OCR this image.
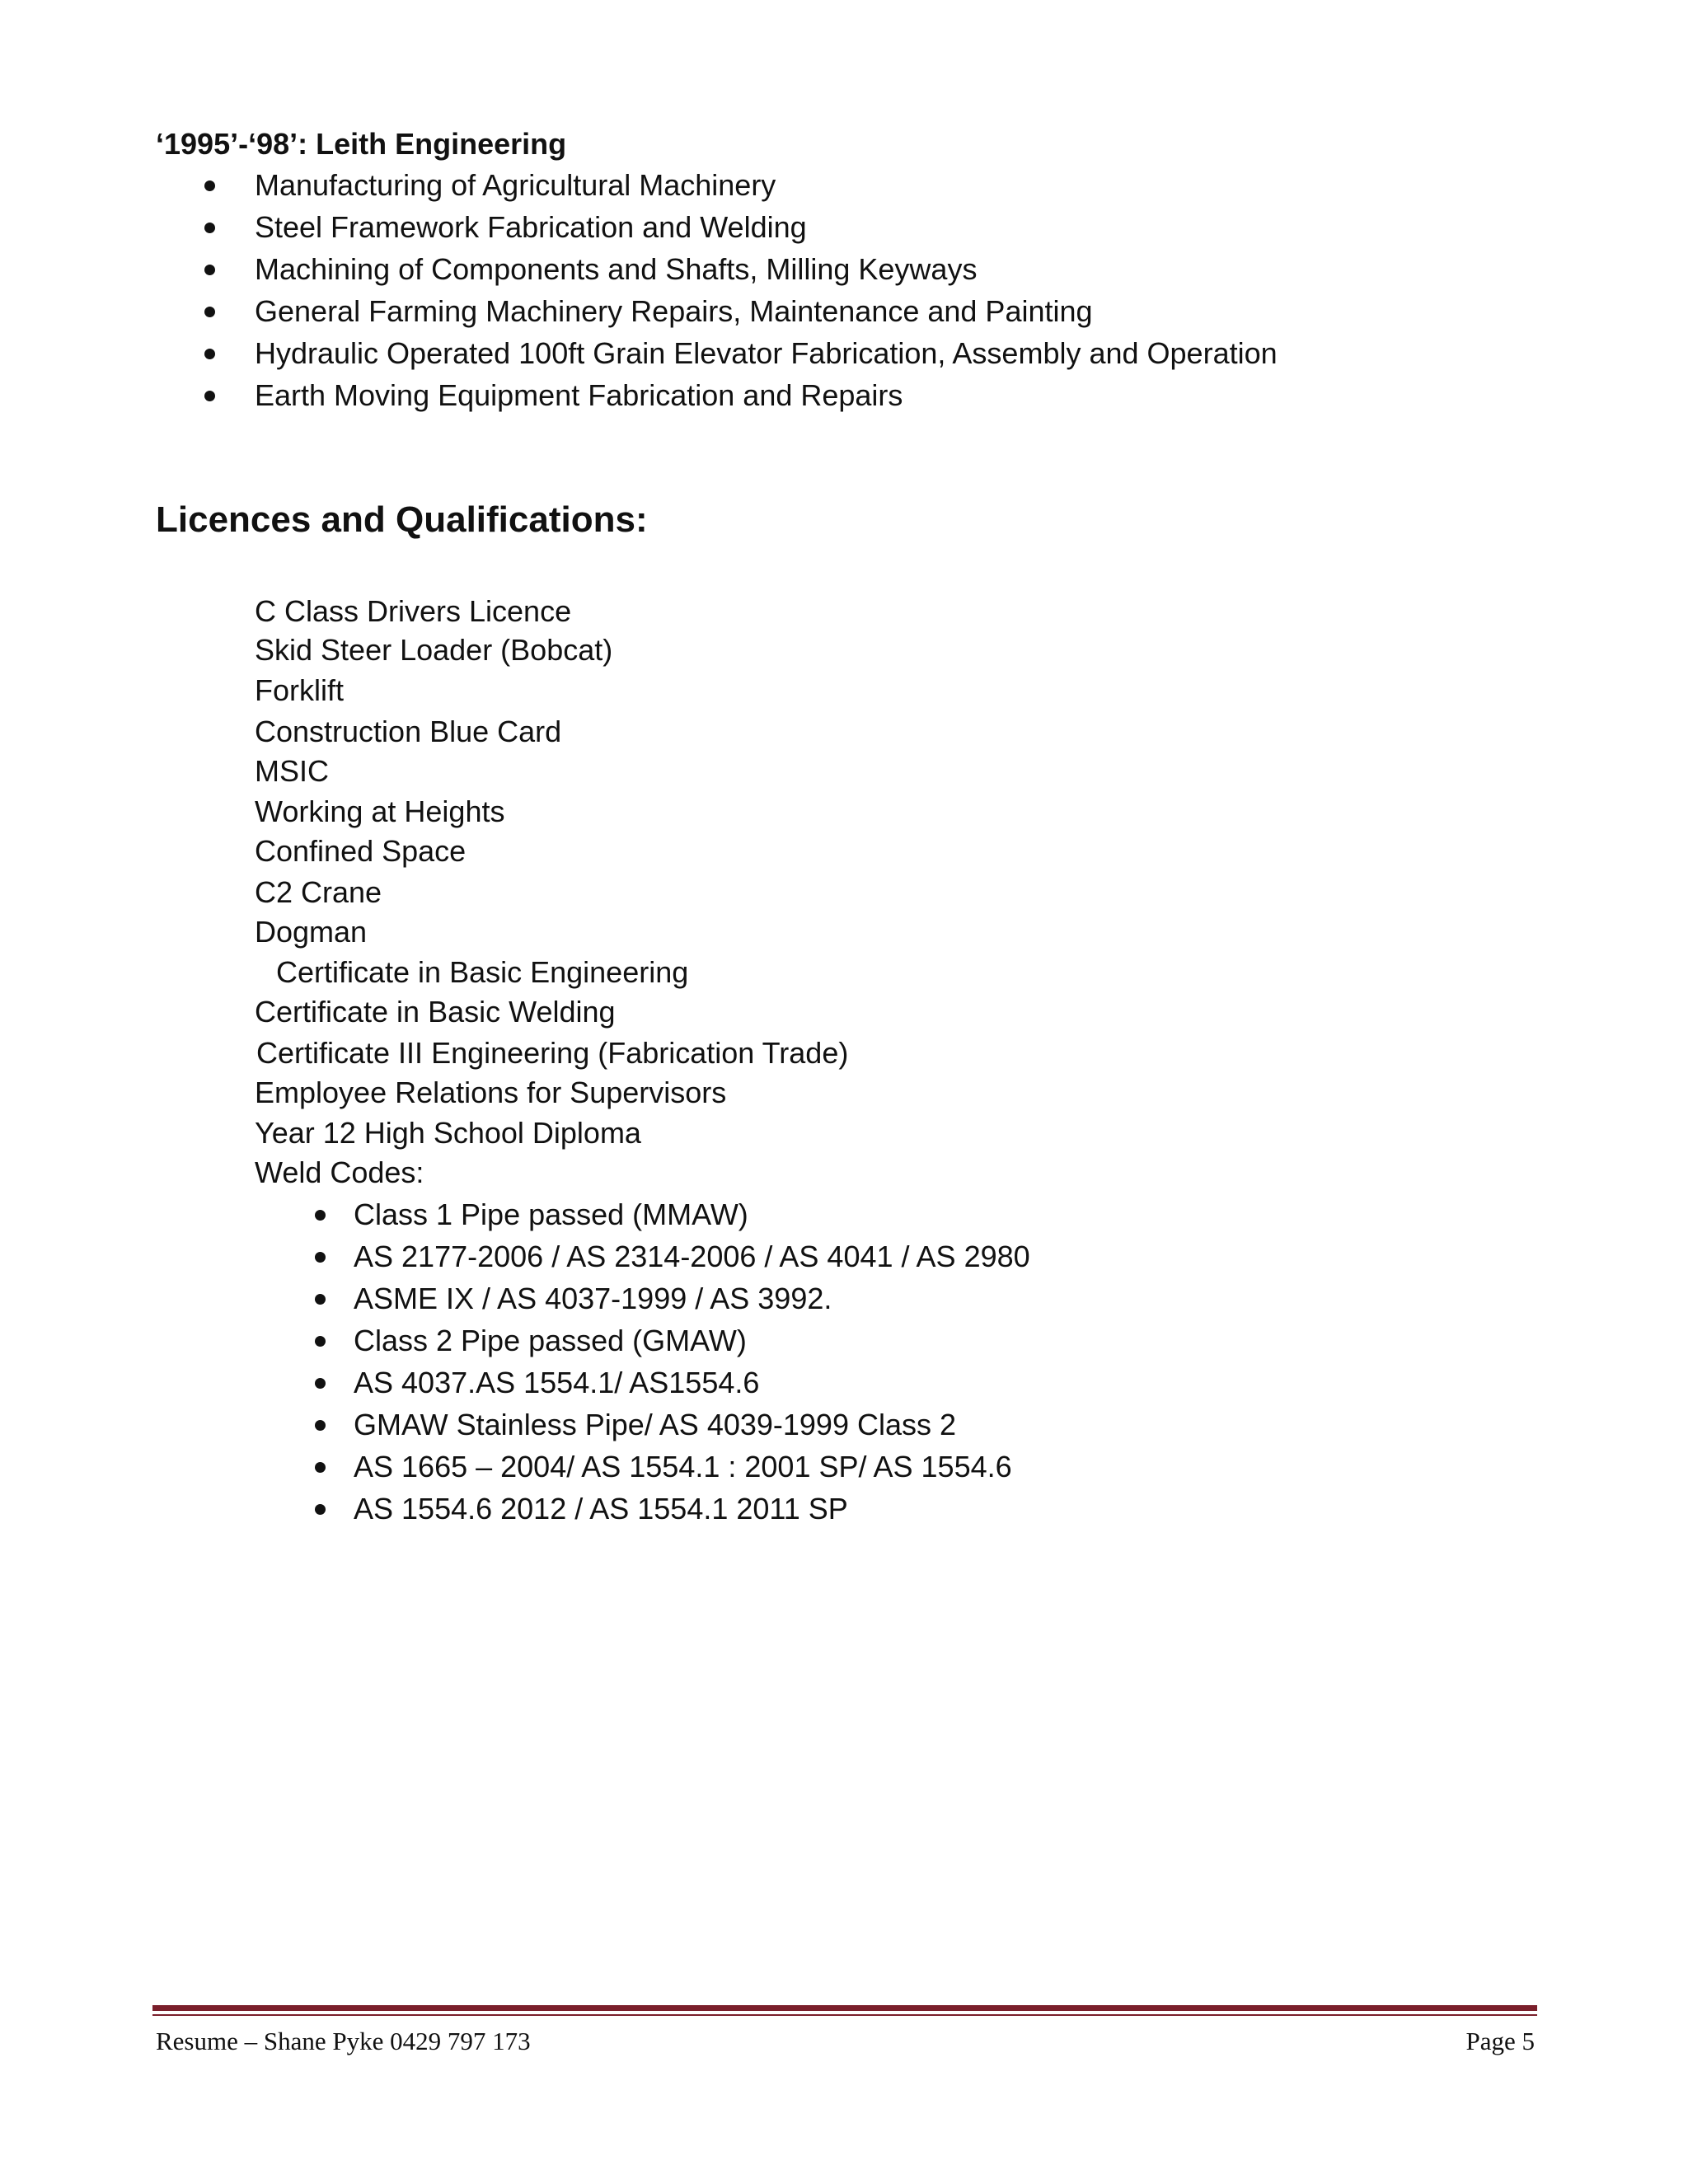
‘1995’-‘98’: Leith Engineering
Manufacturing of Agricultural Machinery
Steel Framework Fabrication and Welding
Machining of Components and Shafts, Milling Keyways
General Farming Machinery Repairs, Maintenance and Painting
Hydraulic Operated 100ft Grain Elevator Fabrication, Assembly and Operation
Earth Moving Equipment Fabrication and Repairs
Licences and Qualifications:
C Class Drivers Licence
Skid Steer Loader (Bobcat)
Forklift
Construction Blue Card
MSIC
Working at Heights
Confined Space
C2 Crane
Dogman
Certificate in Basic Engineering
Certificate in Basic Welding
Certificate III Engineering (Fabrication Trade)
Employee Relations for Supervisors
Year 12 High School Diploma
Weld Codes:
Class 1 Pipe passed (MMAW)
AS 2177-2006 / AS 2314-2006 / AS 4041 / AS 2980
ASME IX / AS 4037-1999 / AS 3992.
Class 2 Pipe passed (GMAW)
AS 4037.AS 1554.1/ AS1554.6
GMAW Stainless Pipe/ AS 4039-1999 Class 2
AS 1665 – 2004/ AS 1554.1 : 2001 SP/ AS 1554.6
AS 1554.6 2012 / AS 1554.1 2011 SP
Resume – Shane Pyke 0429 797 173	Page 5
